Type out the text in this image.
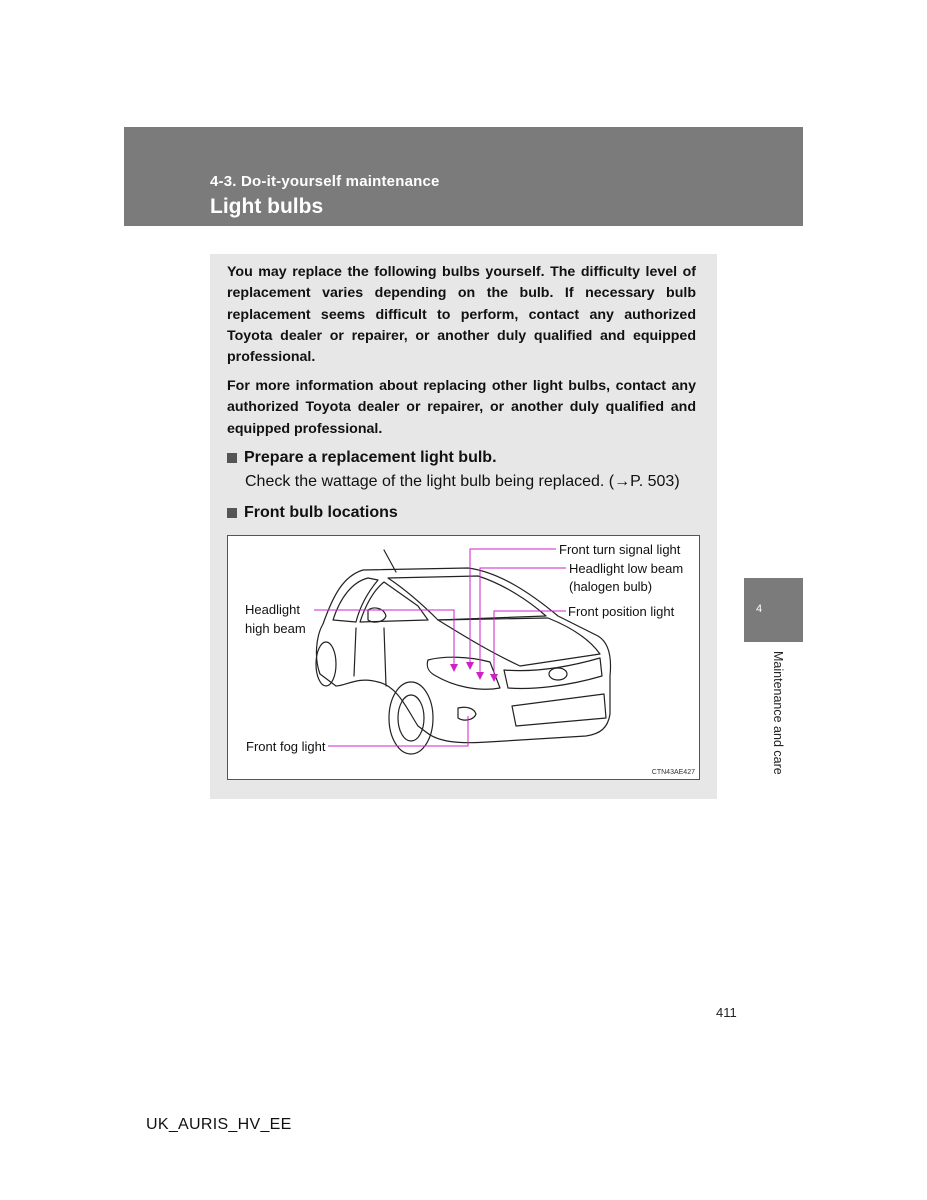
4-3. Do-it-yourself maintenance
Light bulbs

You may replace the following bulbs yourself. The difficulty level of replacement varies depending on the bulb. If necessary bulb replacement seems difficult to perform, contact any authorized Toyota dealer or repairer, or another duly qualified and equipped professional.

For more information about replacing other light bulbs, contact any authorized Toyota dealer or repairer, or another duly qualified and equipped professional.

Prepare a replacement light bulb.
Check the wattage of the light bulb being replaced. (→P. 503)
Front bulb locations
Front turn signal light
Headlight low beam
(halogen bulb)
Front position light
Headlight
high beam
Front fog light
CTN43AE427
4
Maintenance and care
411
UK_AURIS_HV_EE
